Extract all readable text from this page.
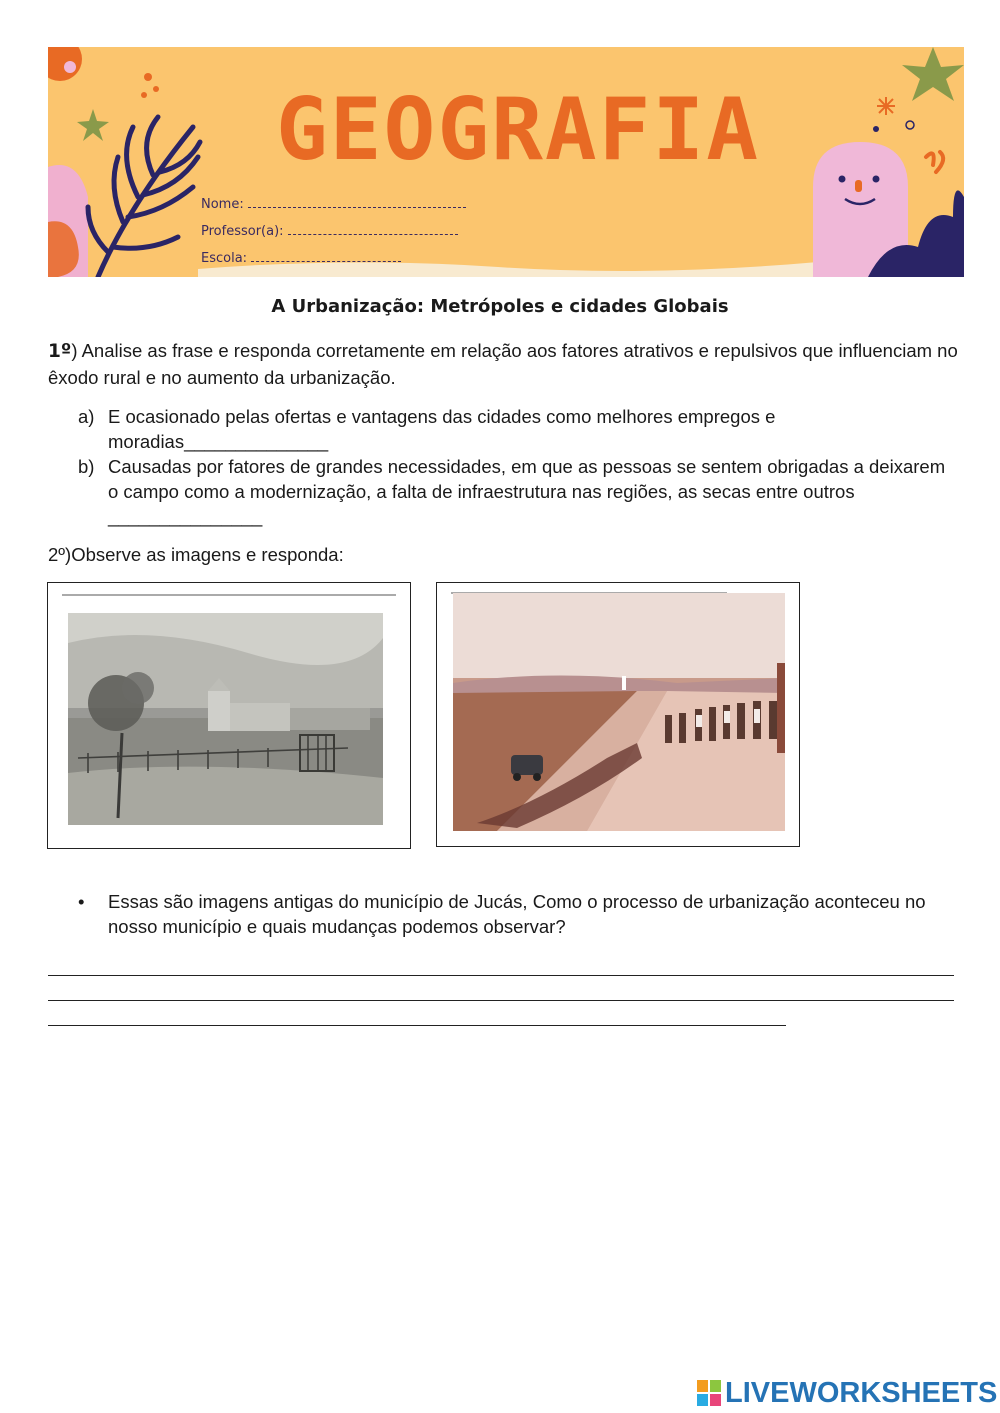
GEOGRAFIA
Nome:
Professor(a):
Escola:
A Urbanização: Metrópoles e cidades Globais
1º) Analise as frase e responda corretamente em relação aos fatores atrativos e repulsivos que influenciam no êxodo rural e no aumento da urbanização.
a) E ocasionado pelas ofertas e vantagens das cidades como melhores empregos e moradias______________
b) Causadas por fatores de grandes necessidades, em que as pessoas se sentem obrigadas a deixarem o campo como a modernização, a falta de infraestrutura nas regiões, as secas entre outros _______________
2º)Observe as imagens e responda:
• Essas são imagens antigas do município de Jucás, Como o processo de urbanização aconteceu no nosso município e quais mudanças podemos observar?
LIVEWORKSHEETS
